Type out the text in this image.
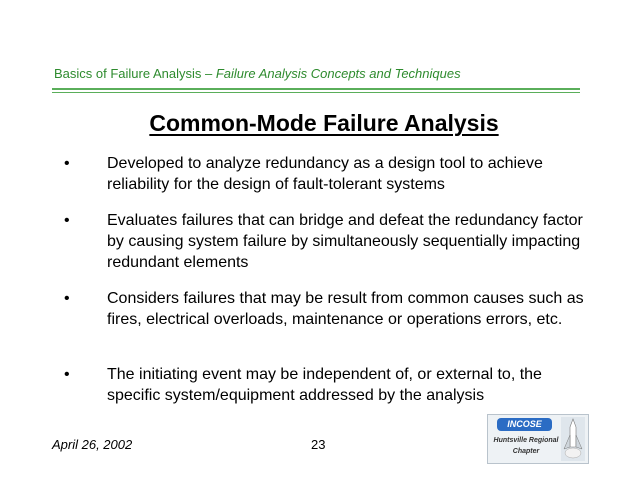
Basics of Failure Analysis – Failure Analysis Concepts and Techniques
Common-Mode Failure Analysis
• Developed to analyze redundancy as a design tool to achieve reliability for the design of fault-tolerant systems
• Evaluates failures that can bridge and defeat the redundancy factor by causing system failure by simultaneously sequentially impacting redundant elements
• Considers failures that may be result from common causes such as fires, electrical overloads, maintenance or operations errors, etc.
• The initiating event may be independent of, or external to, the specific system/equipment addressed by the analysis
April 26, 2002	23
INCOSE
Huntsville Regional
Chapter
